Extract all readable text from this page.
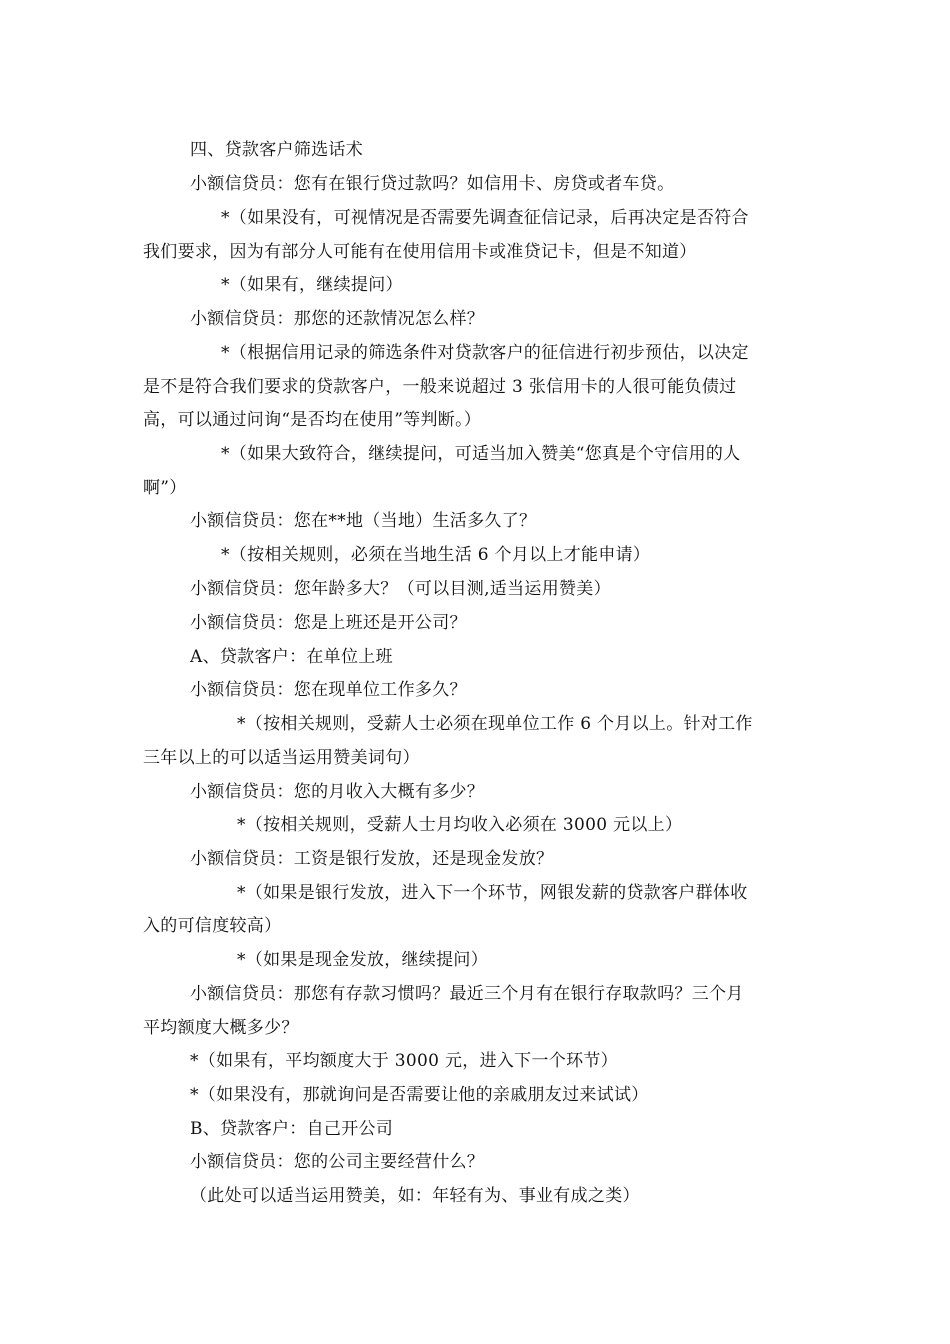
四、贷款客户筛选话术
小额信贷员：您有在银行贷过款吗？如信用卡、房贷或者车贷。
*（如果没有，可视情况是否需要先调查征信记录，后再决定是否符合
我们要求，因为有部分人可能有在使用信用卡或准贷记卡，但是不知道）
*（如果有，继续提问）
小额信贷员：那您的还款情况怎么样？
*（根据信用记录的筛选条件对贷款客户的征信进行初步预估，以决定
是不是符合我们要求的贷款客户，一般来说超过 3 张信用卡的人很可能负债过
高，可以通过问询“是否均在使用”等判断。）
*（如果大致符合，继续提问，可适当加入赞美“您真是个守信用的人
啊”）
小额信贷员：您在**地（当地）生活多久了？
*（按相关规则，必须在当地生活 6 个月以上才能申请）
小额信贷员：您年龄多大？（可以目测,适当运用赞美）
小额信贷员：您是上班还是开公司？
A、贷款客户：在单位上班
小额信贷员：您在现单位工作多久？
*（按相关规则，受薪人士必须在现单位工作 6 个月以上。针对工作
三年以上的可以适当运用赞美词句）
小额信贷员：您的月收入大概有多少？
*（按相关规则，受薪人士月均收入必须在 3000 元以上）
小额信贷员：工资是银行发放，还是现金发放？
*（如果是银行发放，进入下一个环节，网银发薪的贷款客户群体收
入的可信度较高）
*（如果是现金发放，继续提问）
小额信贷员：那您有存款习惯吗？最近三个月有在银行存取款吗？三个月
平均额度大概多少？
*（如果有，平均额度大于 3000 元，进入下一个环节）
*（如果没有，那就询问是否需要让他的亲戚朋友过来试试）
B、贷款客户：自己开公司
小额信贷员：您的公司主要经营什么？
（此处可以适当运用赞美，如：年轻有为、事业有成之类）
